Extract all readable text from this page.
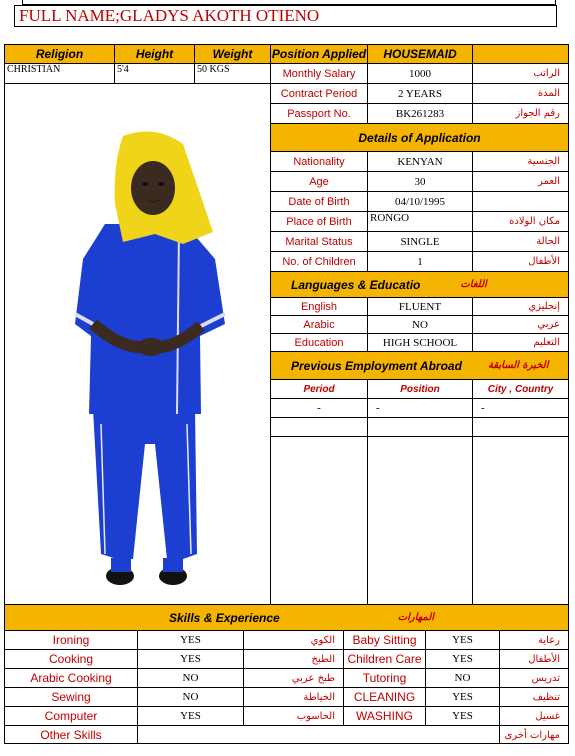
FULL NAME; GLADYS AKOTH OTIENO
Religion	Height	Weight	Position Applied	HOUSEMAID
CHRISTIAN	5'4	50 KGS	Monthly Salary	1000	الراتب
Contract Period	2 YEARS	المدة
Passport No.	BK261283	رقم الجواز
Details of Application
Nationality	KENYAN	الجنسية
Age	30	العمر
Date of Birth	04/10/1995
Place of Birth	RONGO	مكان الولادة
Marital Status	SINGLE	الحالة
No. of Children	1	الأطفال
Languages & Educatio	اللغات
English	FLUENT	إنجليزي
Arabic	NO	عربي
Education	HIGH SCHOOL	التعليم
Previous Employment Abroad	الخبرة السابقة
Period	Position	City , Country
-	-	-
Skills & Experience	المهارات
Ironing	YES	الكوي	Baby Sitting	YES	رعاية
Cooking	YES	الطبخ	Children Care	YES	الأطفال
Arabic Cooking	NO	طبخ عربي	Tutoring	NO	تدريس
Sewing	NO	الخياطة	CLEANING	YES	تنظيف
Computer	YES	الحاسوب	WASHING	YES	غسيل
Other Skills	مهارات أخرى
